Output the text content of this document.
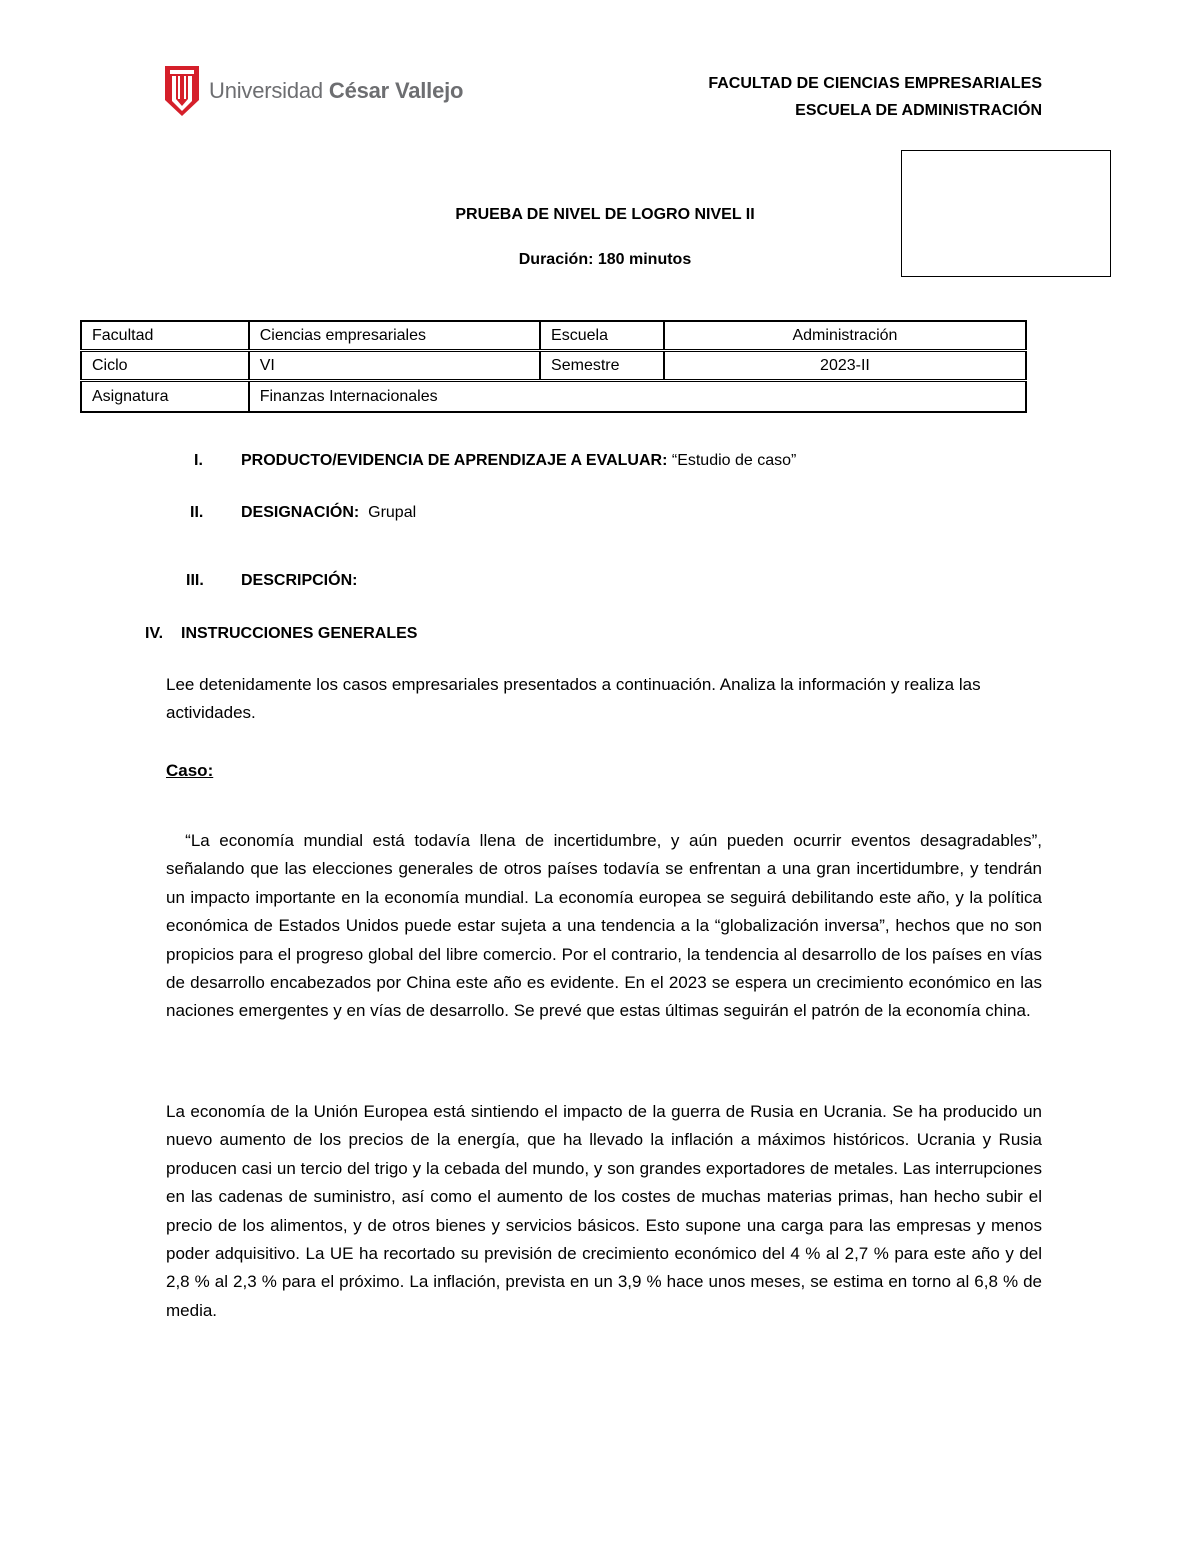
Universidad César Vallejo	FACULTAD DE CIENCIAS EMPRESARIALES
ESCUELA DE ADMINISTRACIÓN
PRUEBA DE NIVEL DE LOGRO NIVEL II
Duración: 180 minutos
Facultad	Ciencias empresariales	Escuela	Administración
Ciclo	VI	Semestre	2023-II
Asignatura	Finanzas Internacionales		
I. PRODUCTO/EVIDENCIA DE APRENDIZAJE A EVALUAR: “Estudio de caso”
II. DESIGNACIÓN: Grupal
III. DESCRIPCIÓN:
IV. INSTRUCCIONES GENERALES
Lee detenidamente los casos empresariales presentados a continuación. Analiza la información y realiza las actividades.
Caso:
“La economía mundial está todavía llena de incertidumbre, y aún pueden ocurrir eventos desagradables”, señalando que las elecciones generales de otros países todavía se enfrentan a una gran incertidumbre, y tendrán un impacto importante en la economía mundial. La economía europea se seguirá debilitando este año, y la política económica de Estados Unidos puede estar sujeta a una tendencia a la “globalización inversa”, hechos que no son propicios para el progreso global del libre comercio. Por el contrario, la tendencia al desarrollo de los países en vías de desarrollo encabezados por China este año es evidente. En el 2023 se espera un crecimiento económico en las naciones emergentes y en vías de desarrollo. Se prevé que estas últimas seguirán el patrón de la economía china.
La economía de la Unión Europea está sintiendo el impacto de la guerra de Rusia en Ucrania. Se ha producido un nuevo aumento de los precios de la energía, que ha llevado la inflación a máximos históricos. Ucrania y Rusia producen casi un tercio del trigo y la cebada del mundo, y son grandes exportadores de metales. Las interrupciones en las cadenas de suministro, así como el aumento de los costes de muchas materias primas, han hecho subir el precio de los alimentos, y de otros bienes y servicios básicos. Esto supone una carga para las empresas y menos poder adquisitivo. La UE ha recortado su previsión de crecimiento económico del 4 % al 2,7 % para este año y del 2,8 % al 2,3 % para el próximo. La inflación, prevista en un 3,9 % hace unos meses, se estima en torno al 6,8 % de media.
